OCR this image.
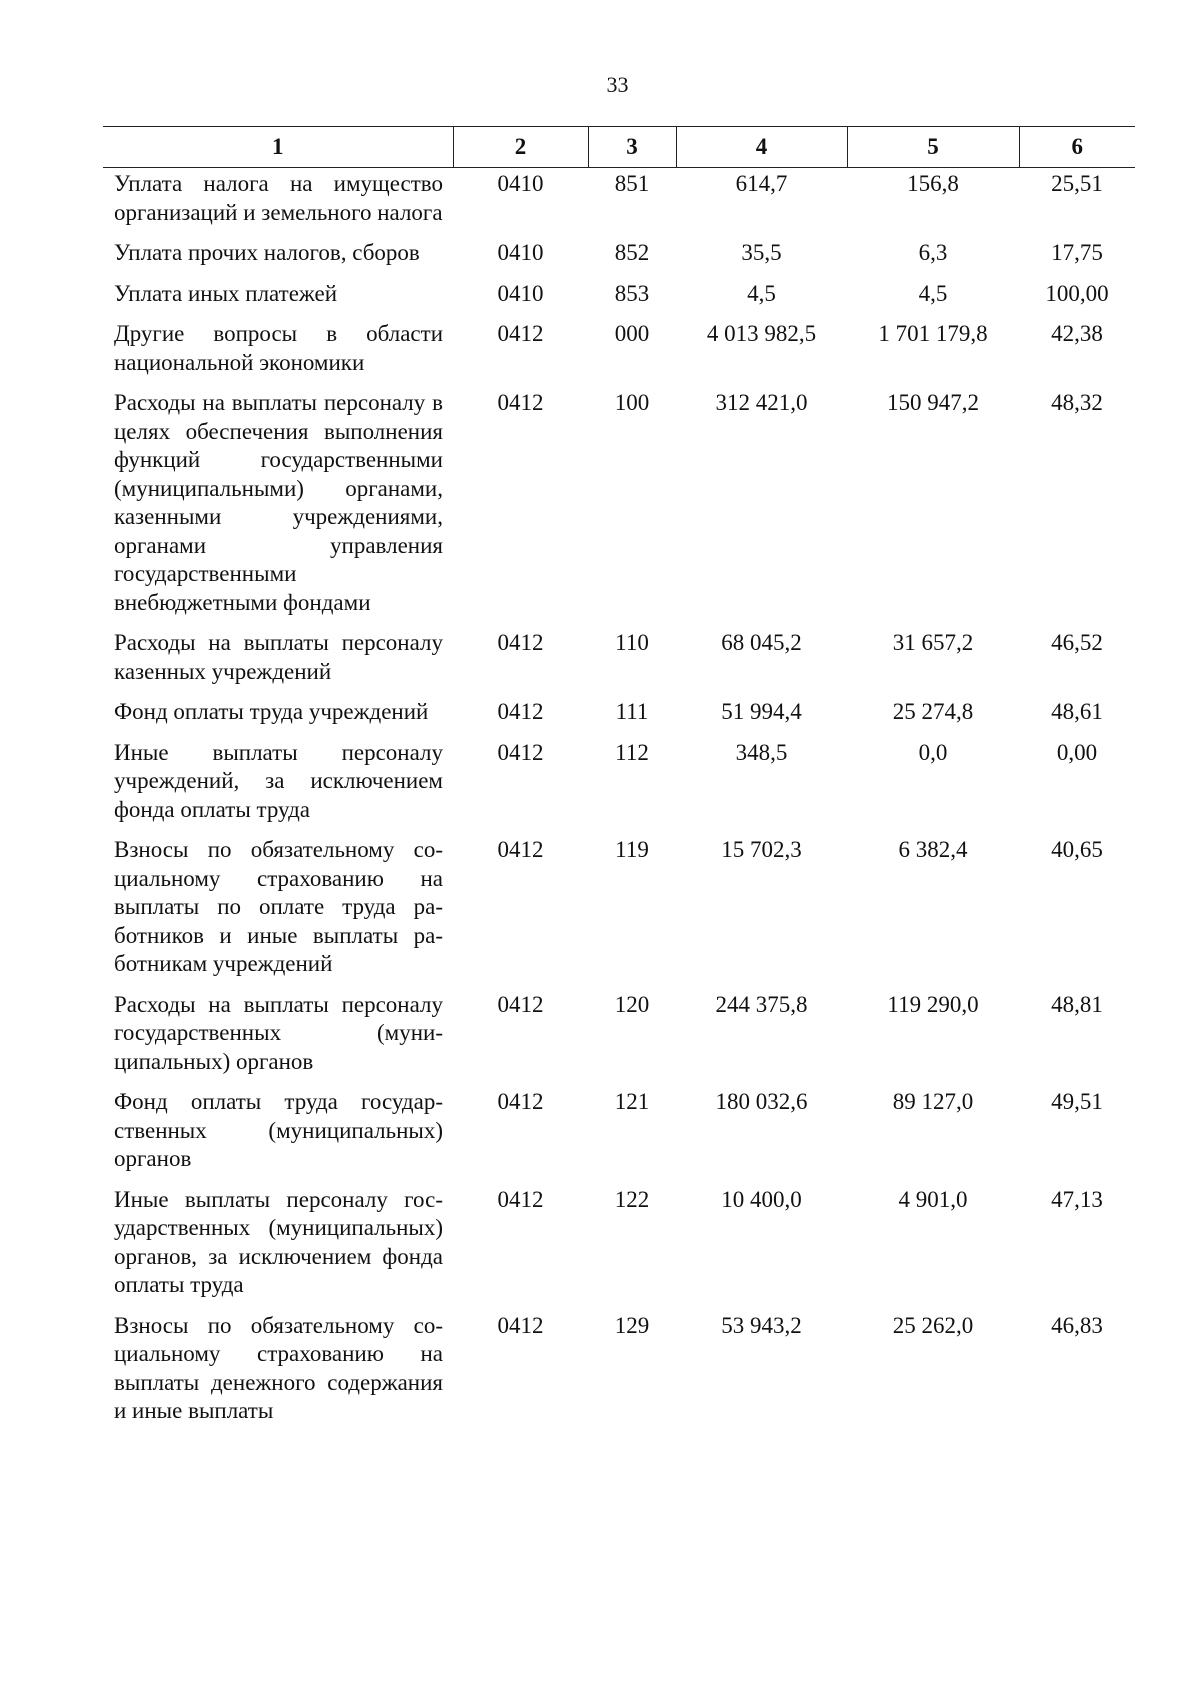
33
1	2	3	4	5	6
Уплата налога на имущество организаций и земельного налога	0410	851	614,7	156,8	25,51
Уплата прочих налогов, сборов	0410	852	35,5	6,3	17,75
Уплата иных платежей	0410	853	4,5	4,5	100,00
Другие вопросы в области национальной экономики	0412	000	4 013 982,5	1 701 179,8	42,38
Расходы на выплаты персоналу в целях обеспечения выполнения функций государственными (муниципальными) органами, казенными учреждениями, органами управления государственными внебюджетными фондами	0412	100	312 421,0	150 947,2	48,32
Расходы на выплаты персоналу казенных учреждений	0412	110	68 045,2	31 657,2	46,52
Фонд оплаты труда учреждений	0412	111	51 994,4	25 274,8	48,61
Иные выплаты персоналу учреждений, за исключением фонда оплаты труда	0412	112	348,5	0,0	0,00
Взносы по обязательному социальному страхованию на выплаты по оплате труда работников и иные выплаты работникам учреждений	0412	119	15 702,3	6 382,4	40,65
Расходы на выплаты персоналу государственных (муниципальных) органов	0412	120	244 375,8	119 290,0	48,81
Фонд оплаты труда государственных (муниципальных) органов	0412	121	180 032,6	89 127,0	49,51
Иные выплаты персоналу государственных (муниципальных) органов, за исключением фонда оплаты труда	0412	122	10 400,0	4 901,0	47,13
Взносы по обязательному социальному страхованию на выплаты денежного содержания и иные выплаты	0412	129	53 943,2	25 262,0	46,83
